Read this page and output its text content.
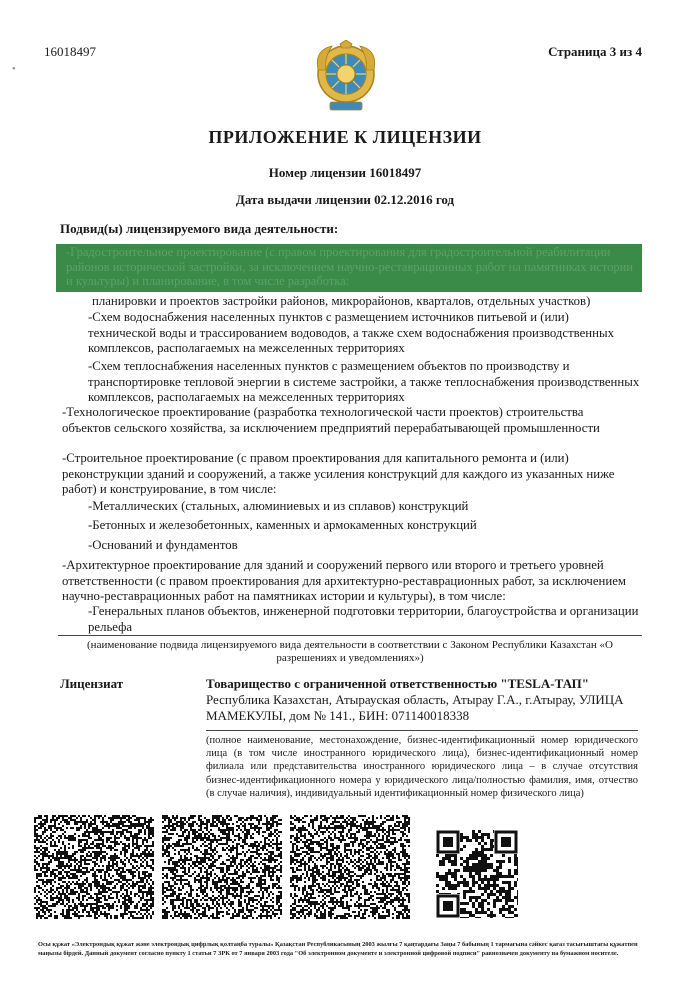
•
16018497	Страница 3 из 4
ПРИЛОЖЕНИЕ К ЛИЦЕНЗИИ
Номер лицензии 16018497
Дата выдачи лицензии 02.12.2016 год
Подвид(ы) лицензируемого вида деятельности:
-Градостроительное проектирование (с правом проектирования для градостроительной реабилитации районов исторической застройки, за исключением научно-реставрационных работ на памятниках истории и культуры) и планирование, в том числе разработка:
планировки и проектов застройки районов, микрорайонов, кварталов, отдельных участков)
-Схем водоснабжения населенных пунктов с размещением источников питьевой и (или) технической воды и трассированием водоводов, а также схем водоснабжения производственных комплексов, располагаемых на межселенных территориях
-Схем теплоснабжения населенных пунктов с размещением объектов по производству и транспортировке тепловой энергии в системе застройки, а также теплоснабжения производственных комплексов, располагаемых на межселенных территориях
-Технологическое проектирование (разработка технологической части проектов) строительства объектов сельского хозяйства, за исключением предприятий перерабатывающей промышленности
-Строительное проектирование (с правом проектирования для капитального ремонта и (или) реконструкции зданий и сооружений, а также усиления конструкций для каждого из указанных ниже работ) и конструирование, в том числе:
-Металлических (стальных, алюминиевых и из сплавов) конструкций
-Бетонных и железобетонных, каменных и армокаменных конструкций
-Оснований и фундаментов
-Архитектурное проектирование для зданий и сооружений первого или второго и третьего уровней ответственности (с правом проектирования для архитектурно-реставрационных работ, за исключением научно-реставрационных работ на памятниках истории и культуры), в том числе:
-Генеральных планов объектов, инженерной подготовки территории, благоустройства и организации рельефа
(наименование подвида лицензируемого вида деятельности в соответствии с Законом Республики Казахстан «О разрешениях и уведомлениях»)
Лицензиат	Товарищество с ограниченной ответственностью "TESLA-ТАП"
Республика Казахстан, Атырауская область, Атырау Г.А., г.Атырау, УЛИЦА МАМЕКУЛЫ, дом № 141., БИН: 071140018338
(полное наименование, местонахождение, бизнес-идентификационный номер юридического лица (в том числе иностранного юридического лица), бизнес-идентификационный номер филиала или представительства иностранного юридического лица – в случае отсутствия бизнес-идентификационного номера у юридического лица/полностью фамилия, имя, отчество (в случае наличия), индивидуальный идентификационный номер физического лица)
Осы құжат «Электрондық құжат және электрондық цифрлық қолтаңба туралы» Қазақстан Республикасының 2003 жылғы 7 қаңтардағы Заңы 7 бабының 1 тармағына сәйкес қағаз тасығыштағы құжатпен маңызы бірдей. Данный документ согласно пункту 1 статьи 7 ЗРК от 7 января 2003 года "Об электронном документе и электронной цифровой подписи" равнозначен документу на бумажном носителе.
